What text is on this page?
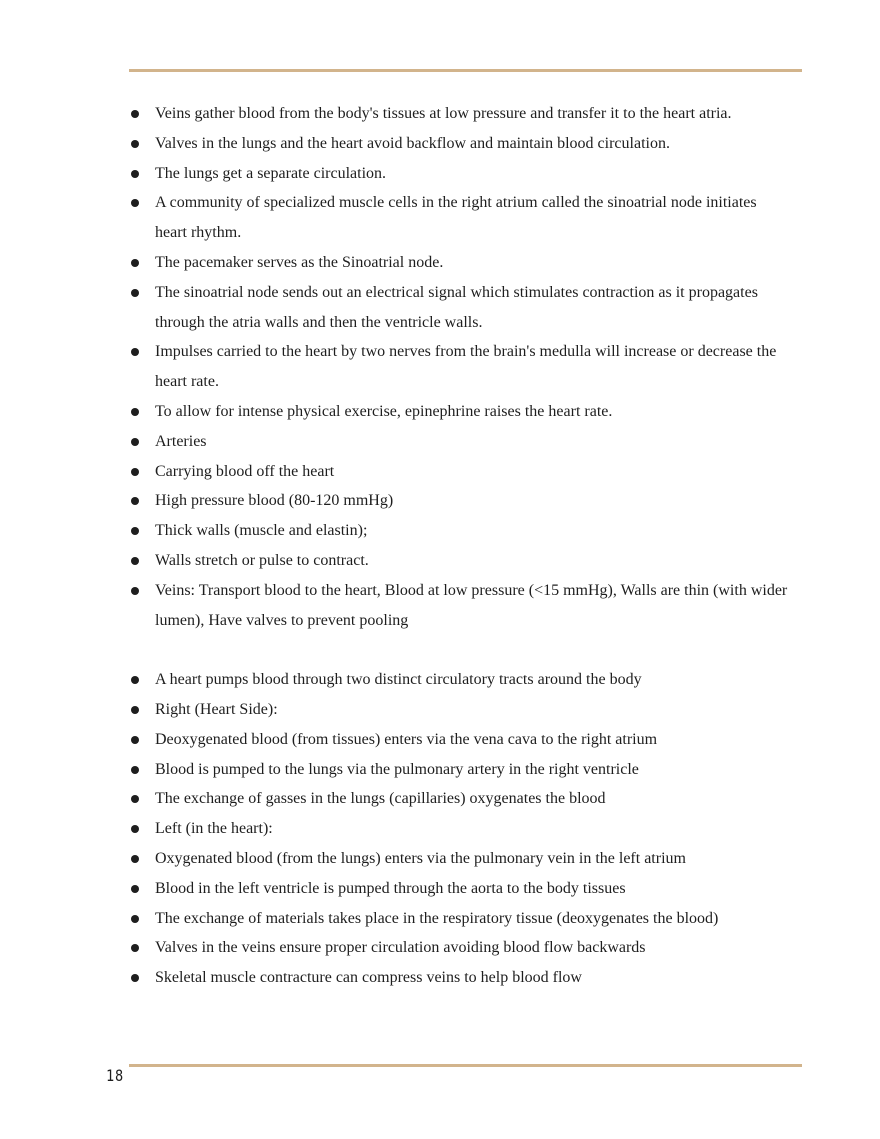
Veins gather blood from the body's tissues at low pressure and transfer it to the heart atria.
Valves in the lungs and the heart avoid backflow and maintain blood circulation.
The lungs get a separate circulation.
A community of specialized muscle cells in the right atrium called the sinoatrial node initiates heart rhythm.
The pacemaker serves as the Sinoatrial node.
The sinoatrial node sends out an electrical signal which stimulates contraction as it propagates through the atria walls and then the ventricle walls.
Impulses carried to the heart by two nerves from the brain's medulla will increase or decrease the heart rate.
To allow for intense physical exercise, epinephrine raises the heart rate.
Arteries
Carrying blood off the heart
High pressure blood (80-120 mmHg)
Thick walls (muscle and elastin);
Walls stretch or pulse to contract.
Veins: Transport blood to the heart, Blood at low pressure (<15 mmHg), Walls are thin (with wider lumen), Have valves to prevent pooling
A heart pumps blood through two distinct circulatory tracts around the body
Right (Heart Side):
Deoxygenated blood (from tissues) enters via the vena cava to the right atrium
Blood is pumped to the lungs via the pulmonary artery in the right ventricle
The exchange of gasses in the lungs (capillaries) oxygenates the blood
Left (in the heart):
Oxygenated blood (from the lungs) enters via the pulmonary vein in the left atrium
Blood in the left ventricle is pumped through the aorta to the body tissues
The exchange of materials takes place in the respiratory tissue (deoxygenates the blood)
Valves in the veins ensure proper circulation avoiding blood flow backwards
Skeletal muscle contracture can compress veins to help blood flow
18
